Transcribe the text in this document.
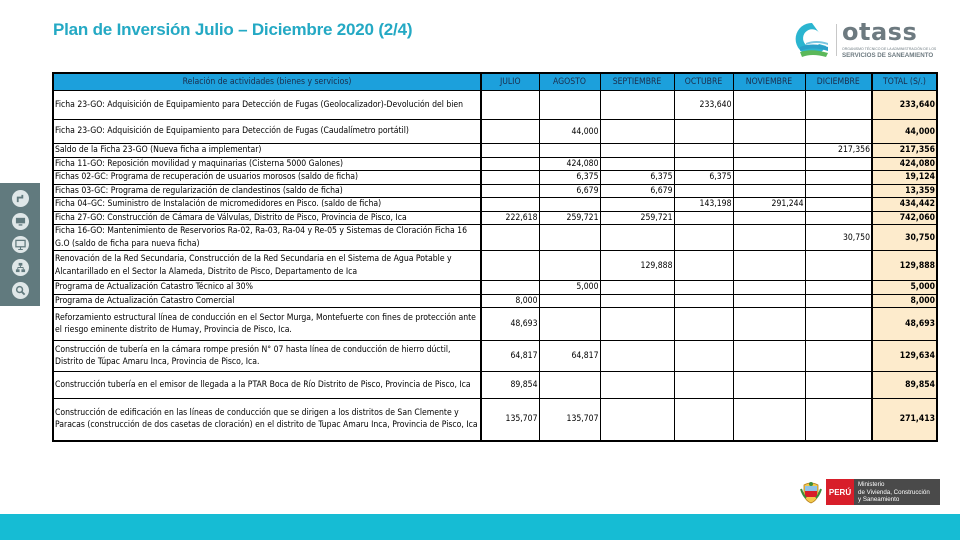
Plan de Inversión Julio – Diciembre 2020 (2/4)	otass
ORGANISMO TÉCNICO DE LA ADMINISTRACIÓN DE LOS
SERVICIOS DE SANEAMIENTO
Relación de actividades (bienes y servicios)	JULIO	AGOSTO	SEPTIEMBRE	OCTUBRE	NOVIEMBRE	DICIEMBRE	TOTAL (S/.)
Ficha 23-GO: Adquisición de Equipamiento para Detección de Fugas (Geolocalizador)-Devolución del bien				233,640			233,640
Ficha 23-GO: Adquisición de Equipamiento para Detección de Fugas (Caudalímetro portátil)		44,000					44,000
Saldo de la Ficha 23-GO (Nueva ficha a implementar)						217,356	217,356
Ficha 11-GO: Reposición movilidad y maquinarias (Cisterna 5000 Galones)		424,080					424,080
Fichas 02-GC: Programa de recuperación de usuarios morosos (saldo de ficha)		6,375	6,375	6,375			19,124
Fichas 03-GC: Programa de regularización de clandestinos (saldo de ficha)		6,679	6,679				13,359
Ficha 04–GC: Suministro de Instalación de micromedidores en Pisco. (saldo de ficha)				143,198	291,244		434,442
Ficha 27-GO: Construcción de Cámara de Válvulas, Distrito de Pisco, Provincia de Pisco, Ica	222,618	259,721	259,721				742,060
Ficha 16-GO: Mantenimiento de Reservorios Ra-02, Ra-03, Ra-04 y Re-05 y Sistemas de Cloración Ficha 16 G.O (saldo de ficha para nueva ficha)						30,750	30,750
Renovación de la Red Secundaria, Construcción de la Red Secundaria en el Sistema de Agua Potable y Alcantarillado en el Sector la Alameda, Distrito de Pisco, Departamento de Ica			129,888				129,888
Programa de Actualización Catastro Técnico al 30%		5,000					5,000
Programa de Actualización Catastro Comercial	8,000						8,000
Reforzamiento estructural línea de conducción en el Sector Murga, Montefuerte con fines de protección ante el riesgo eminente distrito de Humay, Provincia de Pisco, Ica.	48,693						48,693
Construcción de tubería en la cámara rompe presión N° 07 hasta línea de conducción de hierro dúctil, Distrito de Túpac Amaru Inca, Provincia de Pisco, Ica.	64,817	64,817					129,634
Construcción tubería en el emisor de llegada a la PTAR Boca de Río Distrito de Pisco, Provincia de Pisco, Ica	89,854						89,854
Construcción de edificación en las líneas de conducción que se dirigen a los distritos de San Clemente y Paracas (construcción de dos casetas de cloración) en el distrito de Tupac Amaru Inca, Provincia de Pisco, Ica	135,707	135,707					271,413
PERÚ
Ministerio
de Vivienda, Construcción
y Saneamiento
